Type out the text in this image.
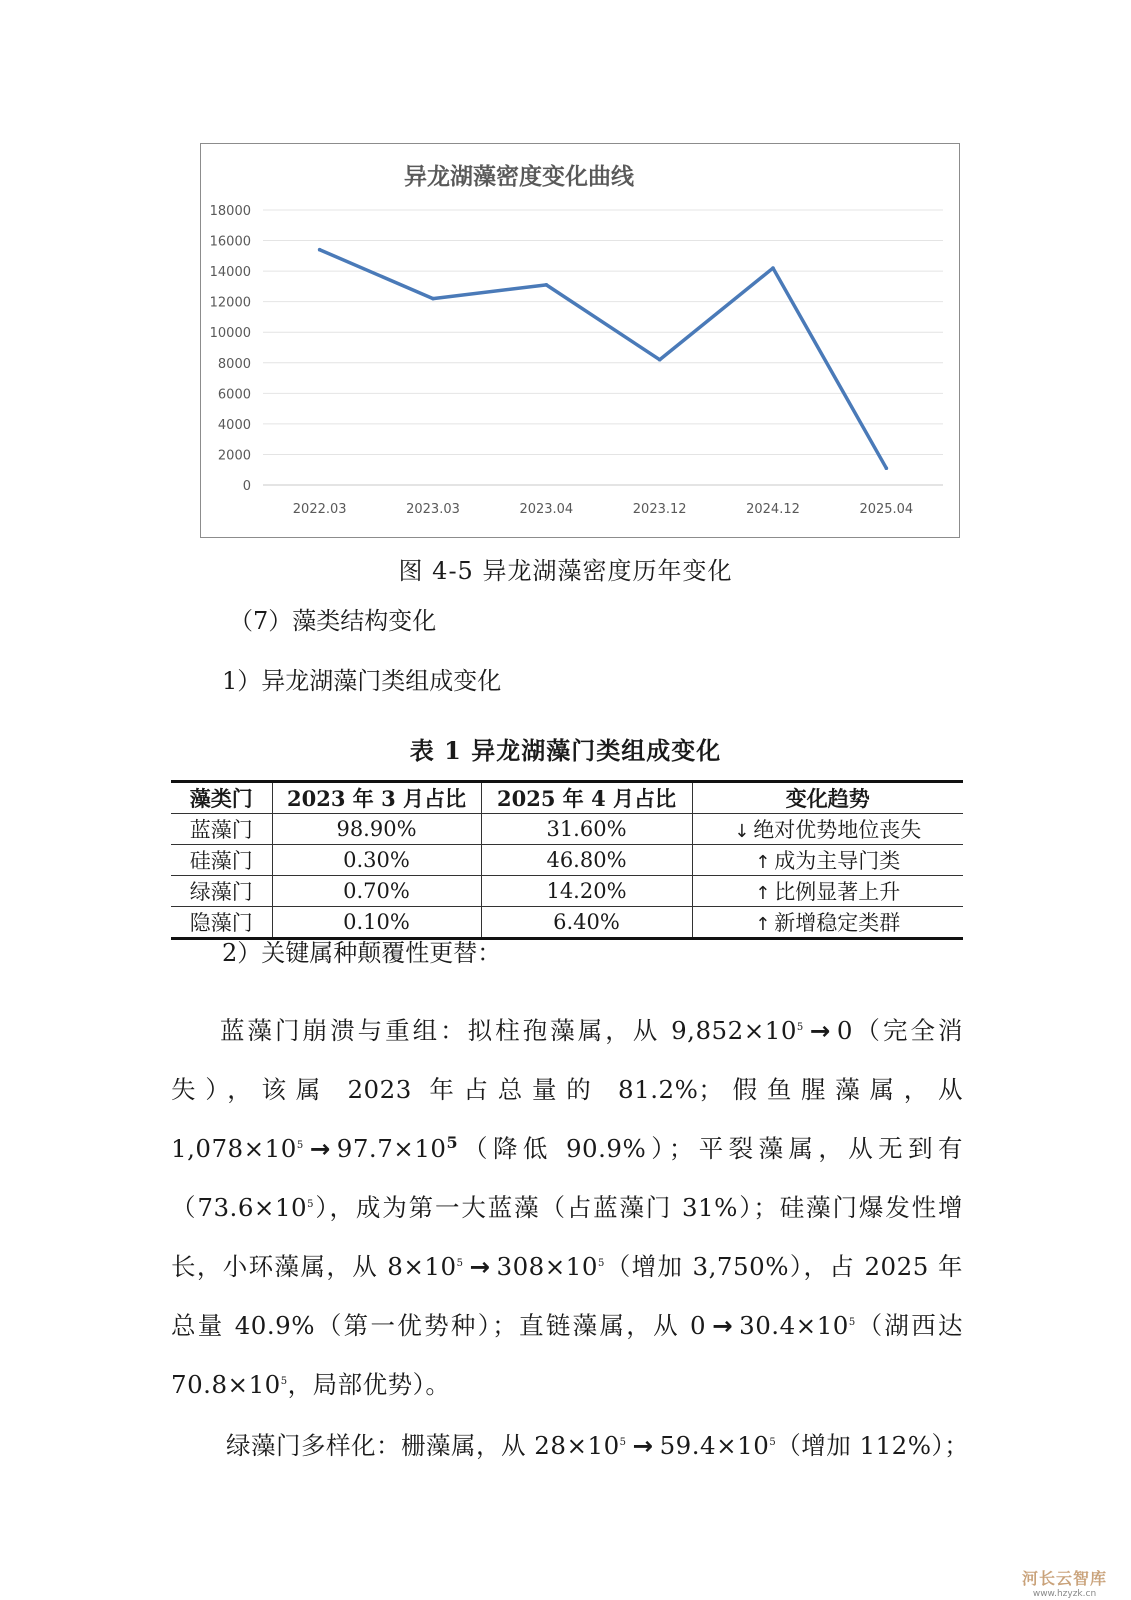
异龙湖藻密度变化曲线
0
2000
4000
6000
8000
10000
12000
14000
16000
18000
2022.03	2023.03	2023.04	2023.12	2024.12	2025.04
图 4-5 异龙湖藻密度历年变化
（7）藻类结构变化
1）异龙湖藻门类组成变化
表 1 异龙湖藻门类组成变化
藻类门	2023 年 3 月占比	2025 年 4 月占比	变化趋势
蓝藻门	98.90%	31.60%	↓ 绝对优势地位丧失
硅藻门	0.30%	46.80%	↑ 成为主导门类
绿藻门	0.70%	14.20%	↑ 比例显著上升
隐藻门	0.10%	6.40%	↑ 新增稳定类群
2）关键属种颠覆性更替：

蓝藻门崩溃与重组：拟柱孢藻属，从 $9,852\times 10^5 \to 0$（完全消失），该属 2023 年占总量的 81.2%；假鱼腥藻属，从 $1,078\times 10^5 \to 97.7\times 10^5$（降低 90.9%）；平裂藻属，从无到有$(73.6\times 10^5)$，成为第一大蓝藻（占蓝藻门 31%）；硅藻门爆发性增长，小环藻属，从 $8\times 10^5 \to 308\times 10^5$（增加 3,750%），占 2025 年总量 40.9%（第一优势种）；直链藻属，从 $0 \to 30.4\times 10^5$（湖西达 $70.8\times 10^5$，局部优势）。

绿藻门多样化：栅藻属，从 $28\times 10^5 \to 59.4\times 10^5$（增加 112%）；
河长云智库
www.hzyzk.cn
